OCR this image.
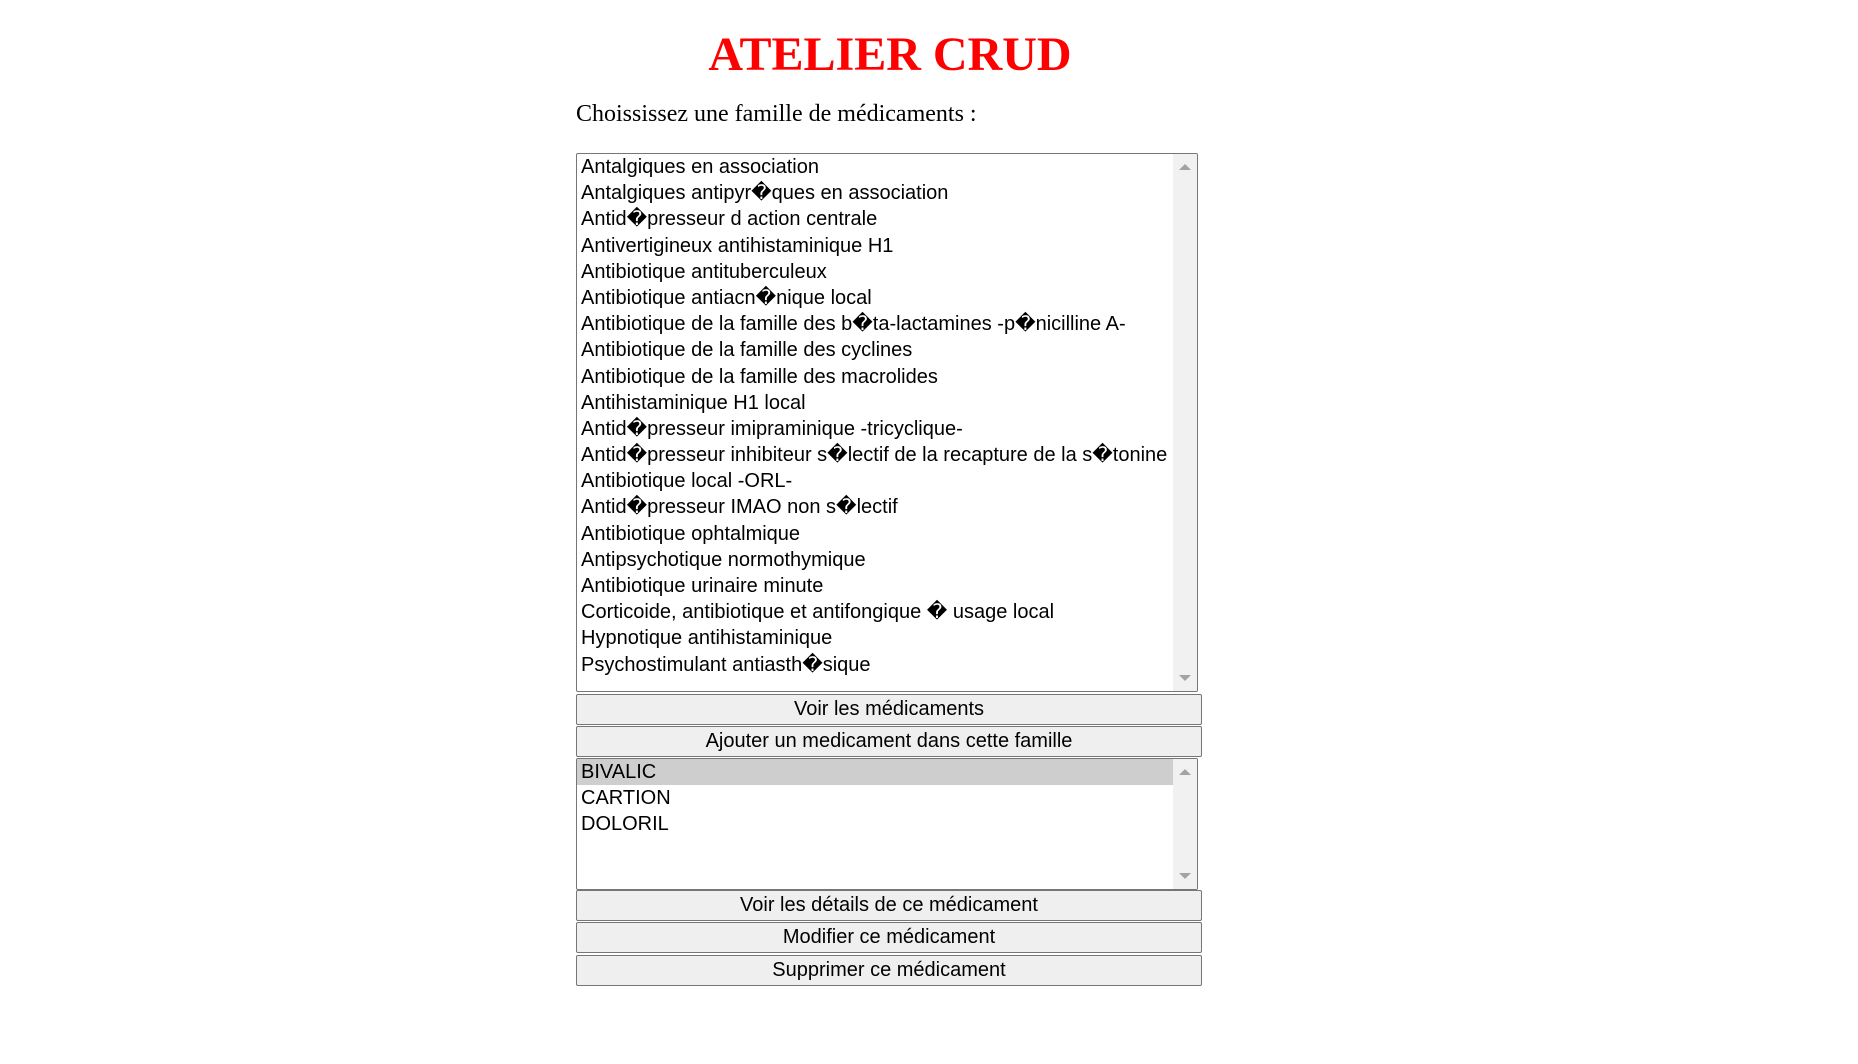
ATELIER CRUD

Choississez une famille de médicaments :

Antalgiques en association
Antalgiques antipyr�ques en association
Antid�presseur d action centrale
Antivertigineux antihistaminique H1
Antibiotique antituberculeux
Antibiotique antiacn�nique local
Antibiotique de la famille des b�ta-lactamines -p�nicilline A-
Antibiotique de la famille des cyclines
Antibiotique de la famille des macrolides
Antihistaminique H1 local
Antid�presseur imipraminique -tricyclique-
Antid�presseur inhibiteur s�lectif de la recapture de la s�tonine
Antibiotique local -ORL-
Antid�presseur IMAO non s�lectif
Antibiotique ophtalmique
Antipsychotique normothymique
Antibiotique urinaire minute
Corticoide, antibiotique et antifongique � usage local
Hypnotique antihistaminique
Psychostimulant antiasth�sique
Voir les médicaments
Ajouter un medicament dans cette famille
BIVALIC
CARTION
DOLORIL
Voir les détails de ce médicament
Modifier ce médicament
Supprimer ce médicament
